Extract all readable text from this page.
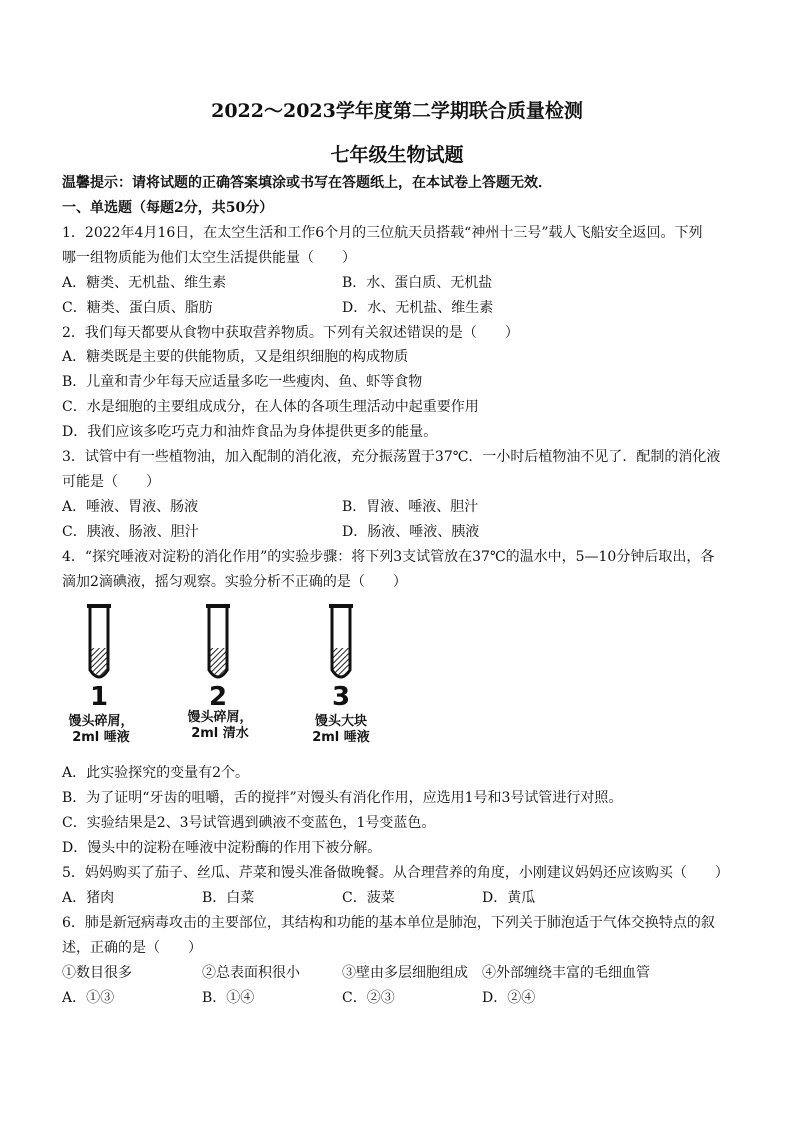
2022～2023学年度第二学期联合质量检测
七年级生物试题
温馨提示：请将试题的正确答案填涂或书写在答题纸上，在本试卷上答题无效．
一、单选题（每题2分，共50分）
1．2022年4月16日，在太空生活和工作6个月的三位航天员搭载“神州十三号”载人飞船安全返回。下列
哪一组物质能为他们太空生活提供能量（　　）
A．糖类、无机盐、维生素	B．水、蛋白质、无机盐
C．糖类、蛋白质、脂肪	D．水、无机盐、维生素
2．我们每天都要从食物中获取营养物质。下列有关叙述错误的是（　　）
A．糖类既是主要的供能物质，又是组织细胞的构成物质
B．儿童和青少年每天应适量多吃一些瘦肉、鱼、虾等食物
C．水是细胞的主要组成成分，在人体的各项生理活动中起重要作用
D．我们应该多吃巧克力和油炸食品为身体提供更多的能量。
3．试管中有一些植物油，加入配制的消化液，充分振荡置于37℃．一小时后植物油不见了．配制的消化液
可能是（　　）
A．唾液、胃液、肠液	B．胃液、唾液、胆汁
C．胰液、肠液、胆汁	D．肠液、唾液、胰液
4．“探究唾液对淀粉的消化作用”的实验步骤：将下列3支试管放在37℃的温水中，5—10分钟后取出，各
滴加2滴碘液，摇匀观察。实验分析不正确的是（　　）
1	2	3
馒头碎屑，
2ml 唾液
馒头碎屑，
2ml 清水
馒头大块
2ml 唾液
A．此实验探究的变量有2个。
B．为了证明“牙齿的咀嚼，舌的搅拌”对馒头有消化作用，应选用1号和3号试管进行对照。
C．实验结果是2、3号试管遇到碘液不变蓝色，1号变蓝色。
D．馒头中的淀粉在唾液中淀粉酶的作用下被分解。
5．妈妈购买了茄子、丝瓜、芹菜和馒头准备做晚餐。从合理营养的角度，小刚建议妈妈还应该购买（　　）
A．猪肉	B．白菜	C．菠菜	D．黄瓜
6．肺是新冠病毒攻击的主要部位，其结构和功能的基本单位是肺泡，下列关于肺泡适于气体交换特点的叙
述，正确的是（　　）
①数目很多	②总表面积很小	③壁由多层细胞组成 ④外部缠绕丰富的毛细血管
A．①③	B．①④	C．②③	D．②④
